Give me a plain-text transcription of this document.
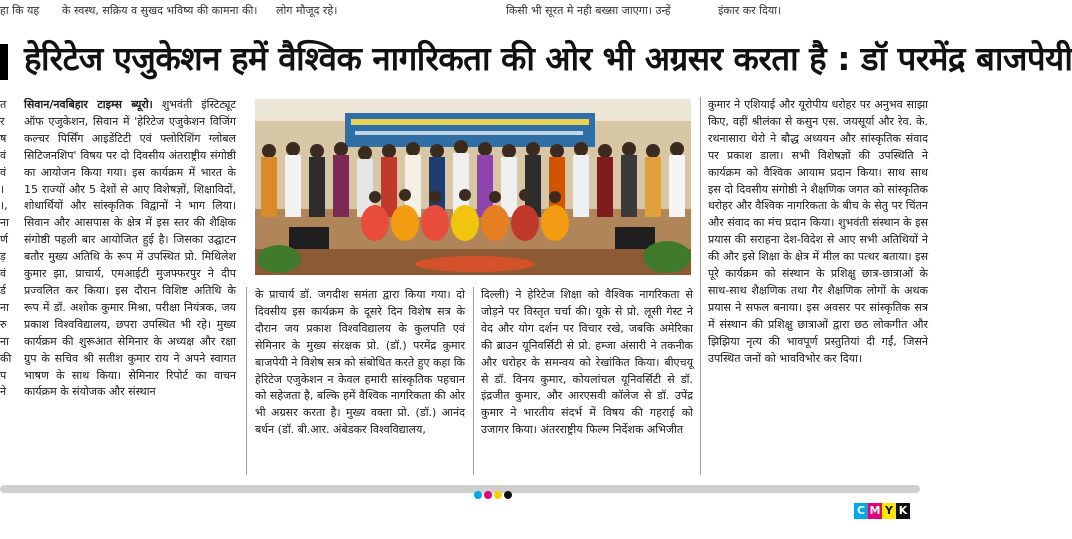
हा कि यह के स्वस्थ, सक्रिय व सुखद भविष्य की कामना की। लोग मौजूद रहे।	किसी भी सूरत मे नही बख्सा जाएगा। उन्हें	इंकार कर दिया।
हेरिटेज एजुकेशन हमें वैश्विक नागरिकता की ओर भी अग्रसर करता है : डॉ परमेंद्र बाजपेयी
त
र
ष
वं
वं
।
।,
ना
र्ण
ड़
वं
र्ड
ना
रु
ना
की
प
ने
सिवान/नवबिहार टाइम्स ब्यूरो। शुभवंती इंस्टिट्यूट ऑफ एजुकेशन, सिवान में 'हेरिटेज एजुकेशन विजिंग कल्चर पिर्सिंग आइडेंटिटी एवं फ्लोरिशिंग ग्लोबल सिटिजनशिप' विषय पर दो दिवसीय अंतराष्ट्रीय संगोष्ठी का आयोजन किया गया। इस कार्यक्रम में भारत के 15 राज्यों और 5 देशों से आए विशेषज्ञों, शिक्षाविदों, शोधार्थियों और सांस्कृतिक विद्वानों ने भाग लिया। सिवान और आसपास के क्षेत्र में इस स्तर की शैक्षिक संगोष्ठी पहली बार आयोजित हुई है। जिसका उद्घाटन बतौर मुख्य अतिथि के रूप में उपस्थित प्रो. मिथिलेश कुमार झा, प्राचार्य, एमआईटी मुजफ्फरपुर ने दीप प्रज्वलित कर किया। इस दौरान विशिष्ट अतिथि के रूप में डॉ. अशोक कुमार मिश्रा, परीक्षा नियंत्रक, जय प्रकाश विश्वविद्यालय, छपरा उपस्थित भी रहे। मुख्य कार्यक्रम की शुरूआत सेमिनार के अध्यक्ष और रक्षा ग्रुप के सचिव श्री सतीश कुमार राय ने अपने स्वागत भाषण के साथ किया। सेमिनार रिपोर्ट का वाचन कार्यक्रम के संयोजक और संस्थान
के प्राचार्य डॉ. जगदीश समंता द्वारा किया गया। दो दिवसीय इस कार्यक्रम के दूसरे दिन विशेष सत्र के दौरान जय प्रकाश विश्वविद्यालय के कुलपति एवं सेमिनार के मुख्य संरक्षक प्रो. (डॉ.) परमेंद्र कुमार बाजपेयी ने विशेष सत्र को संबोधित करते हुए कहा कि हेरिटेज एजुकेशन न केवल हमारी सांस्कृतिक पहचान को सहेजता है, बल्कि हमें वैश्विक नागरिकता की ओर भी अग्रसर करता है। मुख्य वक्ता प्रो. (डॉ.) आनंद बर्धन (डॉ. बी.आर. अंबेडकर विश्वविद्यालय,
दिल्ली) ने हेरिटेज शिक्षा को वैश्विक नागरिकता से जोड़ने पर विस्तृत चर्चा की। यूके से प्रो. लूसी गेस्ट ने वेद और योग दर्शन पर विचार रखे, जबकि अमेरिका की ब्राउन यूनिवर्सिटी से प्रो. हम्जा अंसारी ने तकनीक और धरोहर के समन्वय को रेखांकित किया। बीएचयू से डॉ. विनय कुमार, कोयलांचल यूनिवर्सिटी से डॉ. इंद्रजीत कुमार, और आरएसवी कॉलेज से डॉ. उपेंद्र कुमार ने भारतीय संदर्भ में विषय की गहराई को उजागर किया। अंतरराष्ट्रीय फिल्म निर्देशक अभिजीत
कुमार ने एशियाई और यूरोपीय धरोहर पर अनुभव साझा किए, वहीं श्रीलंका से कसुन एस. जयसूर्या और रेव. के. रथनासारा थेरो ने बौद्ध अध्ययन और सांस्कृतिक संवाद पर प्रकाश डाला। सभी विशेषज्ञों की उपस्थिति ने कार्यक्रम को वैश्विक आयाम प्रदान किया। साथ साथ इस दो दिवसीय संगोष्ठी ने शैक्षणिक जगत को सांस्कृतिक धरोहर और वैश्विक नागरिकता के बीच के सेतु पर चिंतन और संवाद का मंच प्रदान किया। शुभवंती संस्थान के इस प्रयास की सराहना देश-विदेश से आए सभी अतिथियों ने की और इसे शिक्षा के क्षेत्र में मील का पत्थर बताया। इस पूरे कार्यक्रम को संस्थान के प्रशिक्षु छात्र-छात्राओं के साथ-साथ शैक्षणिक तथा गैर शैक्षणिक लोगों के अथक प्रयास ने सफल बनाया। इस अवसर पर सांस्कृतिक सत्र में संस्थान की प्रशिक्षु छात्राओं द्वारा छठ लोकगीत और झिझिया नृत्य की भावपूर्ण प्रस्तुतियां दी गईं, जिसने उपस्थित जनों को भावविभोर कर दिया।
C M Y K
